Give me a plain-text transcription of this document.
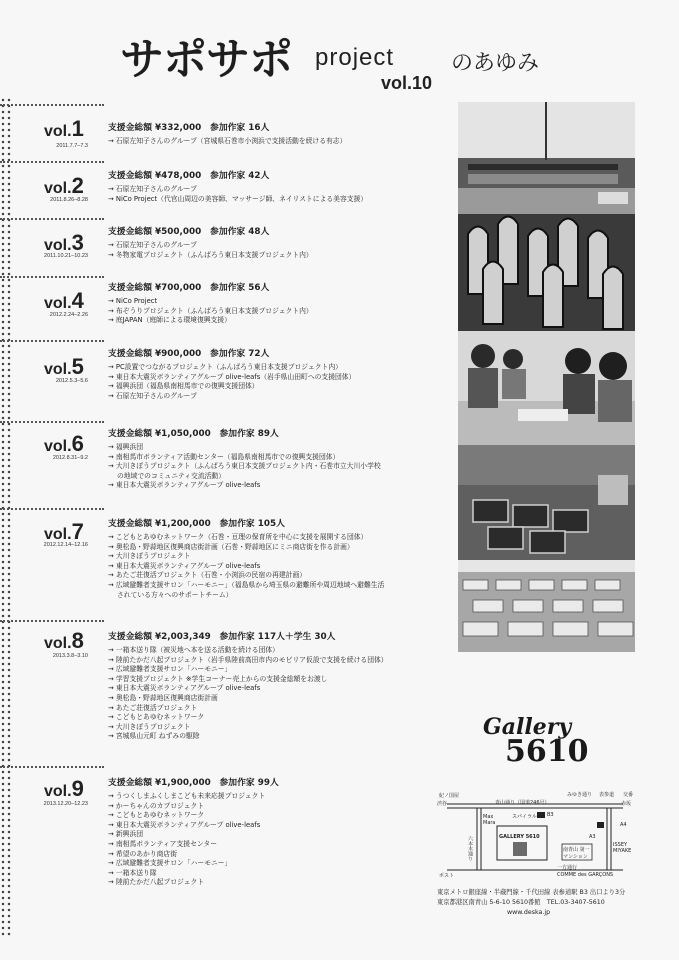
サポサポ project	のあゆみ
vol.10
vol.1
2011.7.7–7.3

支援金総額 ¥332,000　参加作家 16人

→ 石原左知子さんのグループ（宮城県石巻市小渕浜で支援活動を続ける有志）
vol.2
2011.8.26–8.28

支援金総額 ¥478,000　参加作家 42人

→ 石原左知子さんのグループ
→ NiCo Project（代官山周辺の美容師、マッサージ師、ネイリストによる美容支援）
vol.3
2011.10.21–10.23

支援金総額 ¥500,000　参加作家 48人

→ 石原左知子さんのグループ
→ 冬物家電プロジェクト（ふんばろう東日本支援プロジェクト内）
vol.4
2012.2.24–2.26

支援金総額 ¥700,000　参加作家 56人

→ NiCo Project
→ 布ぞうりプロジェクト（ふんばろう東日本支援プロジェクト内）
→ 庭JAPAN（庭師による環境復興支援）
vol.5
2012.5.3–5.6

支援金総額 ¥900,000　参加作家 72人

→ PC設置でつながるプロジェクト（ふんばろう東日本支援プロジェクト内）
→ 東日本大震災ボランティアグループ olive-leafs（岩手県山田町への支援団体）
→ 福興浜団（福島県南相馬市での復興支援団体）
→ 石原左知子さんのグループ
vol.6
2012.8.31–9.2

支援金総額 ¥1,050,000　参加作家 89人

→ 福興浜団
→ 南相馬市ボランティア活動センター（福島県南相馬市での復興支援団体）
→ 大川きぼうプロジェクト（ふんばろう東日本支援プロジェクト内・石巻市立大川小学校
　 の地域でのコミュニティ交流活動）
→ 東日本大震災ボランティアグループ olive-leafs
vol.7
2012.12.14–12.16

支援金総額 ¥1,200,000　参加作家 105人

→ こどもとあゆむネットワーク（石巻・亘理の保育所を中心に支援を展開する団体）
→ 奥松島・野蒜地区復興商店街計画（石巻・野蒜地区にミニ商店街を作る計画）
→ 大川きぼうプロジェクト
→ 東日本大震災ボランティアグループ olive-leafs
→ あたご荘復活プロジェクト（石巻・小渕浜の民宿の再建計画）
→ 広域避難者支援サロン「ハーモニー」（福島県から埼玉県の避難所や周辺地域へ避難生活
　 されている方々へのサポートチーム）
vol.8
2013.3.8–3.10

支援金総額 ¥2,003,349　参加作家 117人＋学生 30人

→ 一箱本送り隊（被災地へ本を送る活動を続ける団体）
→ 陸前たかだ八起プロジェクト（岩手県陸前高田市内のモビリア仮設で支援を続ける団体）
→ 広域避難者支援サロン「ハーモニー」
→ 学習支援プロジェクト ※学生コーナー売上からの支援金総額をお渡し
→ 東日本大震災ボランティアグループ olive-leafs
→ 奥松島・野蒜地区復興商店街計画
→ あたご荘復活プロジェクト
→ こどもとあゆむネットワーク
→ 大川きぼうプロジェクト
→ 宮城県山元町 ねずみの駆除
vol.9
2013.12.20–12.23

支援金総額 ¥1,900,000　参加作家 99人

→ うつくしまふくしまこども未来応援プロジェクト
→ かーちゃんのカプロジェクト
→ こどもとあゆむネットワーク
→ 東日本大震災ボランティアグループ olive-leafs
→ 新興浜団
→ 南相馬ボランティア支援センター
→ 希望のあかり商店街
→ 広域避難者支援サロン「ハーモニー」
→ 一箱本送り隊
→ 陸前たかだ八起プロジェクト
Gallery
5610
紀ノ国屋	みゆき通り
青山通り（国道246号）
スパイラル B3
Max Mara
GALLERY 5610	A3
A4
ISSEY MIYAKE
南青山 第一マンション
一方通行
COMME des GARÇONS
ポスト
表参道
赤坂
渋谷
交番
六本木通り
東京メトロ銀座線・半蔵門線・千代田線 表参道駅 B3 出口より3分
東京都港区南青山 5-6-10 5610番館　TEL.03-3407-5610
www.deska.jp
